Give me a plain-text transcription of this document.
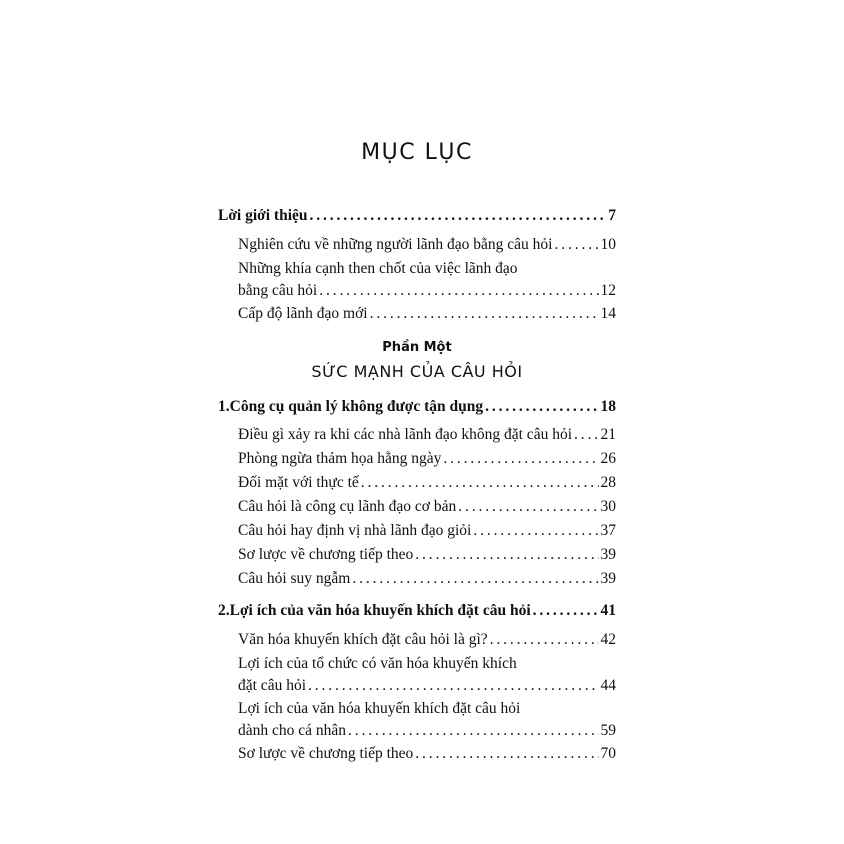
MỤC LỤC
Lời giới thiệu . . .	7
Nghiên cứu về những người lãnh đạo bằng câu hỏi . . .	10
Những khía cạnh then chốt của việc lãnh đạo
bằng câu hỏi . . .	12
Cấp độ lãnh đạo mới . . .	14
Phần Một
SỨC MẠNH CỦA CÂU HỎI
1. Công cụ quản lý không được tận dụng . . .	18
Điều gì xảy ra khi các nhà lãnh đạo không đặt câu hỏi . . . 21
Phòng ngừa thảm họa hằng ngày . . .	26
Đối mặt với thực tế . . .	28
Câu hỏi là công cụ lãnh đạo cơ bản . . .	30
Câu hỏi hay định vị nhà lãnh đạo giỏi . . .	37
Sơ lược về chương tiếp theo . . .	39
Câu hỏi suy ngẫm . . .	39
2. Lợi ích của văn hóa khuyến khích đặt câu hỏi . . .	41
Văn hóa khuyến khích đặt câu hỏi là gì? . . .	42
Lợi ích của tổ chức có văn hóa khuyến khích
đặt câu hỏi . . .	44
Lợi ích của văn hóa khuyến khích đặt câu hỏi
dành cho cá nhân . . .	59
Sơ lược về chương tiếp theo . . .	70
